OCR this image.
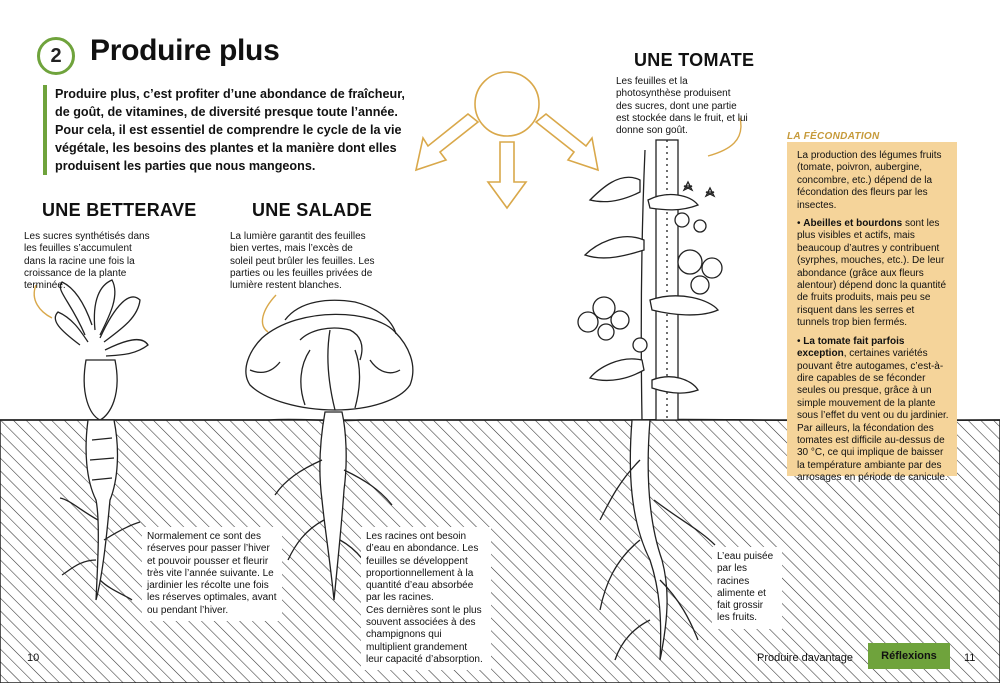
2 Produire plus
Produire plus, c’est profiter d’une abondance de fraîcheur, de goût, de vitamines, de diversité presque toute l’année. Pour cela, il est essentiel de comprendre le cycle de la vie végétale, les besoins des plantes et la manière dont elles produisent les parties que nous mangeons.
UNE BETTERAVE
Les sucres synthétisés dans les feuilles s’accumulent dans la racine une fois la croissance de la plante terminée.
Normalement ce sont des réserves pour passer l’hiver et pouvoir pousser et fleurir très vite l’année suivante. Le jardinier les récolte une fois les réserves optimales, avant ou pendant l’hiver.
UNE SALADE
La lumière garantit des feuilles bien vertes, mais l’excès de soleil peut brûler les feuilles. Les parties ou les feuilles privées de lumière restent blanches.
Les racines ont besoin d’eau en abondance. Les feuilles se développent proportionnellement à la quantité d’eau absorbée par les racines.
Ces dernières sont le plus souvent associées à des champignons qui multiplient grandement leur capacité d’absorption.
UNE TOMATE
Les feuilles et la photosynthèse produisent des sucres, dont une partie est stockée dans le fruit, et lui donne son goût.
L’eau puisée par les racines alimente et fait grossir les fruits.
LA FÉCONDATION

La production des légumes fruits (tomate, poivron, aubergine, concombre, etc.) dépend de la fécondation des fleurs par les insectes.

• Abeilles et bourdons sont les plus visibles et actifs, mais beaucoup d’autres y contribuent (syrphes, mouches, etc.). De leur abondance (grâce aux fleurs alentour) dépend donc la quantité de fruits produits, mais peu se risquent dans les serres et tunnels trop bien fermés.

• La tomate fait parfois exception, certaines variétés pouvant être autogames, c’est-à-dire capables de se féconder seules ou presque, grâce à un simple mouvement de la plante sous l’effet du vent ou du jardinier. Par ailleurs, la fécondation des tomates est difficile au-dessus de 30 °C, ce qui implique de baisser la température ambiante par des arrosages en période de canicule.

10	Produire davantage	Réflexions	11
